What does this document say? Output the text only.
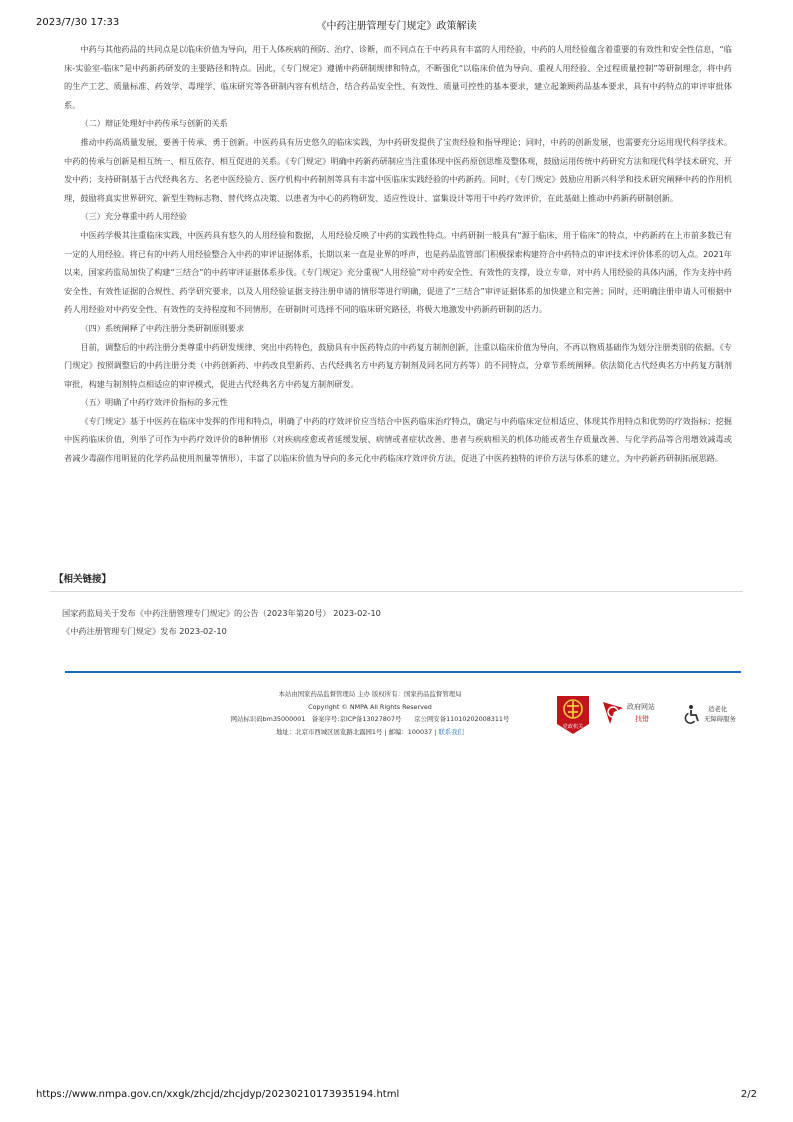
2023/7/30 17:33	《中药注册管理专门规定》政策解读

中药与其他药品的共同点是以临床价值为导向，用于人体疾病的预防、治疗、诊断，而不同点在于中药具有丰富的人用经验，中药的人用经验蕴含着重要的有效性和安全性信息，“临床-实验室-临床”是中药新药研发的主要路径和特点。因此，《专门规定》遵循中药研制规律和特点，不断强化“以临床价值为导向、重视人用经验、全过程质量控制”等研制理念，将中药的生产工艺、质量标准、药效学、毒理学、临床研究等各研制内容有机结合，结合药品安全性、有效性、质量可控性的基本要求，建立起兼顾药品基本要求，具有中药特点的审评审批体系。

（二）辩证处理好中药传承与创新的关系

推动中药高质量发展，要善于传承、勇于创新。中医药具有历史悠久的临床实践，为中药研发提供了宝贵经验和指导理论；同时，中药的创新发展，也需要充分运用现代科学技术。中药的传承与创新是相互统一、相互依存、相互促进的关系。《专门规定》明确中药新药研制应当注重体现中医药原创思维及整体观，鼓励运用传统中药研究方法和现代科学技术研究、开发中药；支持研制基于古代经典名方、名老中医经验方、医疗机构中药制剂等具有丰富中医临床实践经验的中药新药。同时，《专门规定》鼓励应用新兴科学和技术研究阐释中药的作用机理，鼓励将真实世界研究、新型生物标志物、替代终点决策、以患者为中心的药物研发、适应性设计、富集设计等用于中药疗效评价，在此基础上推动中药新药研制创新。

（三）充分尊重中药人用经验

中医药学极其注重临床实践，中医药具有悠久的人用经验和数据，人用经验反映了中药的实践性特点。中药研制一般具有“源于临床，用于临床”的特点，中药新药在上市前多数已有一定的人用经验。将已有的中药人用经验整合入中药的审评证据体系，长期以来一直是业界的呼声，也是药品监管部门积极探索构建符合中药特点的审评技术评价体系的切入点。2021年以来，国家药监局加快了构建“三结合”的中药审评证据体系步伐。《专门规定》充分重视“人用经验”对中药安全性、有效性的支撑，设立专章，对中药人用经验的具体内涵，作为支持中药安全性、有效性证据的合规性、药学研究要求，以及人用经验证据支持注册申请的情形等进行明确，促进了“三结合”审评证据体系的加快建立和完善；同时，还明确注册申请人可根据中药人用经验对中药安全性、有效性的支持程度和不同情形，在研制时可选择不同的临床研究路径，将极大地激发中药新药研制的活力。

（四）系统阐释了中药注册分类研制原则要求

目前，调整后的中药注册分类尊重中药研发规律、突出中药特色，鼓励具有中医药特点的中药复方制剂创新，注重以临床价值为导向，不再以物质基础作为划分注册类别的依据。《专门规定》按照调整后的中药注册分类（中药创新药、中药改良型新药、古代经典名方中药复方制剂及同名同方药等）的不同特点，分章节系统阐释。依法简化古代经典名方中药复方制剂审批，构建与制剂特点相适应的审评模式，促进古代经典名方中药复方制剂研发。

（五）明确了中药疗效评价指标的多元性

《专门规定》基于中医药在临床中发挥的作用和特点，明确了中药的疗效评价应当结合中医药临床治疗特点，确定与中药临床定位相适应、体现其作用特点和优势的疗效指标；挖掘中医药临床价值，列举了可作为中药疗效评价的8种情形（对疾病痊愈或者延缓发展、病情或者症状改善、患者与疾病相关的机体功能或者生存质量改善、与化学药品等合用增效减毒或者减少毒副作用明显的化学药品使用剂量等情形），丰富了以临床价值为导向的多元化中药临床疗效评价方法，促进了中医药独特的评价方法与体系的建立，为中药新药研制拓展思路。

【相关链接】
国家药监局关于发布《中药注册管理专门规定》的公告（2023年第20号） 2023-02-10
《中药注册管理专门规定》发布 2023-02-10
本站由国家药品监督管理局 主办 版权所有：国家药品监督管理局
Copyright © NMPA All Rights Reserved
网站标识码bm35000001　备案序号:京ICP备13027807号　　京公网安备11010202008311号
地址：北京市西城区展览路北露园1号 | 邮编：100037 | 联系我们
党政机关
政府网站
找错
适老化
无障碍服务
https://www.nmpa.gov.cn/xxgk/zhcjd/zhcjdyp/20230210173935194.html	2/2
